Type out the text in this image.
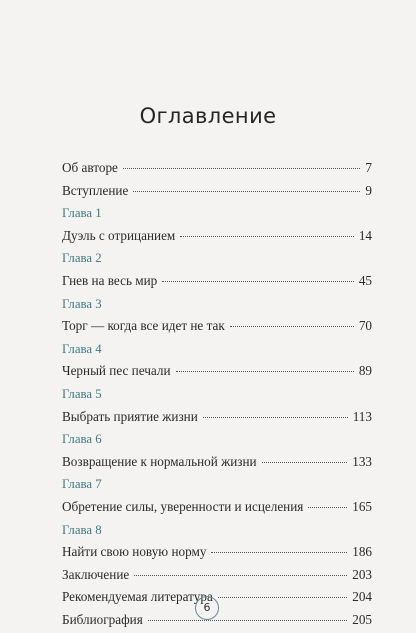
Оглавление
Об авторе	7
Вступление	9
Глава 1
Дуэль с отрицанием	14
Глава 2
Гнев на весь мир	45
Глава 3
Торг — когда все идет не так	70
Глава 4
Черный пес печали	89
Глава 5
Выбрать приятие жизни	113
Глава 6
Возвращение к нормальной жизни	133
Глава 7
Обретение силы, уверенности и исцеления	165
Глава 8
Найти свою новую норму	186
Заключение	203
Рекомендуемая литература	204
Библиография	205
6
